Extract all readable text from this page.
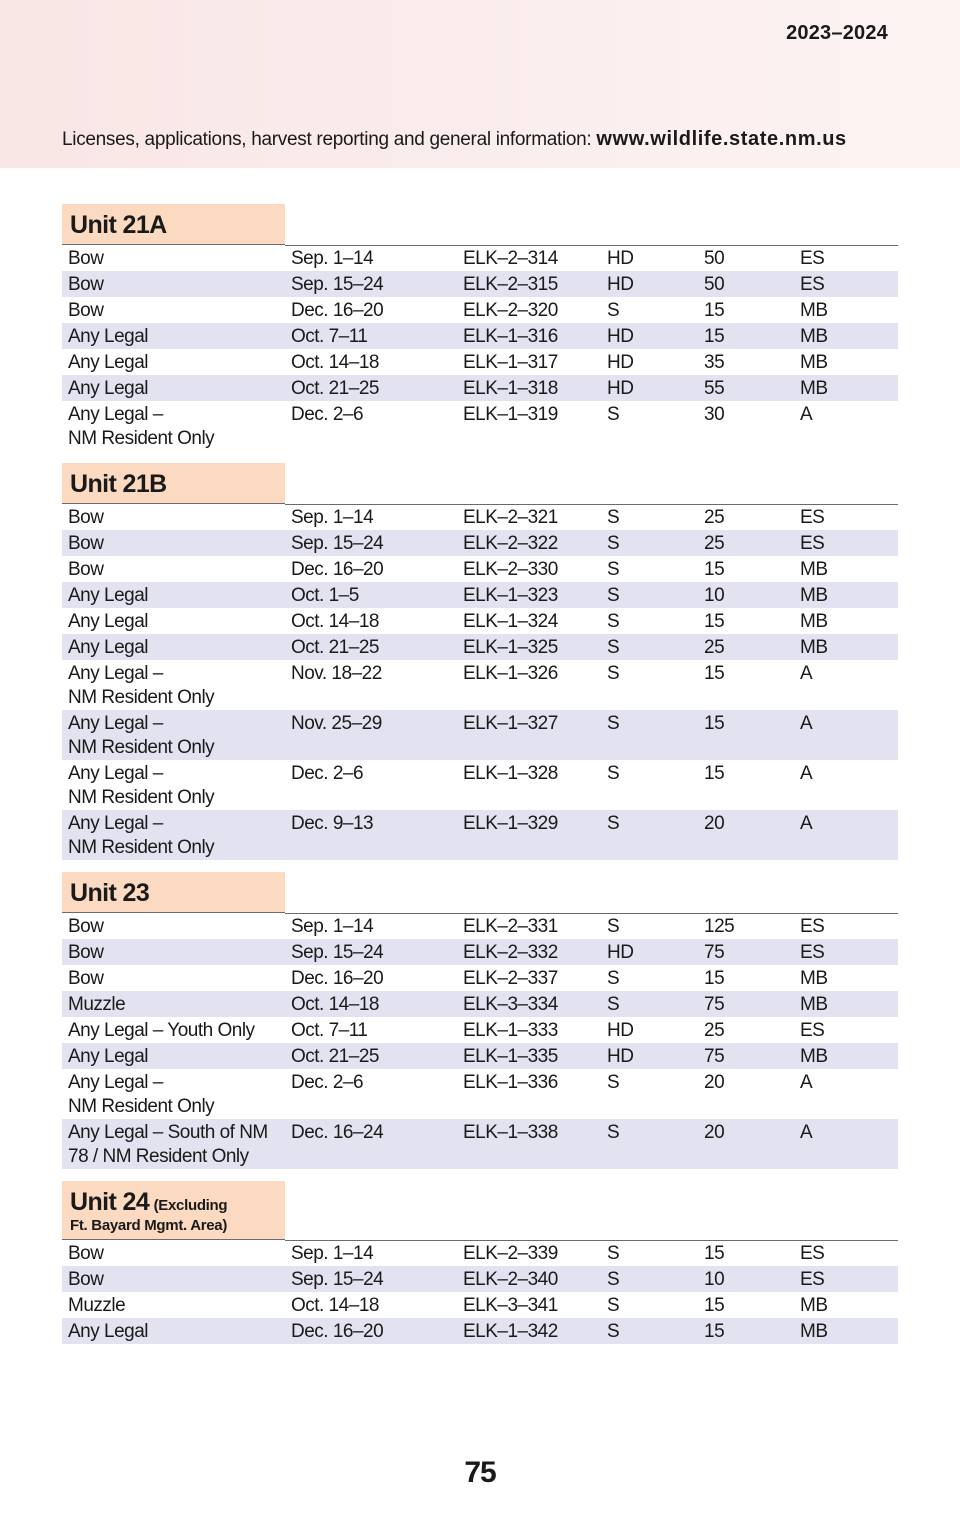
2023–2024
Licenses, applications, harvest reporting and general information: www.wildlife.state.nm.us
Unit 21A
Bow	Sep. 1–14	ELK–2–314	HD	50	ES
Bow	Sep. 15–24	ELK–2–315	HD	50	ES
Bow	Dec. 16–20	ELK–2–320	S	15	MB
Any Legal	Oct. 7–11	ELK–1–316	HD	15	MB
Any Legal	Oct. 14–18	ELK–1–317	HD	35	MB
Any Legal	Oct. 21–25	ELK–1–318	HD	55	MB

Any Legal –
NM Resident Only	Dec. 2–6	ELK–1–319	S	30	A
Unit 21B
Bow	Sep. 1–14	ELK–2–321	S	25	ES
Bow	Sep. 15–24	ELK–2–322	S	25	ES
Bow	Dec. 16–20	ELK–2–330	S	15	MB
Any Legal	Oct. 1–5	ELK–1–323	S	10	MB
Any Legal	Oct. 14–18	ELK–1–324	S	15	MB
Any Legal	Oct. 21–25	ELK–1–325	S	25	MB

Any Legal –
NM Resident Only	Nov. 18–22	ELK–1–326	S	15	A

Any Legal –
NM Resident Only	Nov. 25–29	ELK–1–327	S	15	A

Any Legal –
NM Resident Only	Dec. 2–6	ELK–1–328	S	15	A

Any Legal –
NM Resident Only	Dec. 9–13	ELK–1–329	S	20	A
Unit 23
Bow	Sep. 1–14	ELK–2–331	S	125	ES
Bow	Sep. 15–24	ELK–2–332	HD	75	ES
Bow	Dec. 16–20	ELK–2–337	S	15	MB
Muzzle	Oct. 14–18	ELK–3–334	S	75	MB
Any Legal – Youth Only	Oct. 7–11	ELK–1–333	HD	25	ES
Any Legal	Oct. 21–25	ELK–1–335	HD	75	MB

Any Legal –
NM Resident Only	Dec. 2–6	ELK–1–336	S	20	A

Any Legal – South of NM
78 / NM Resident Only	Dec. 16–24	ELK–1–338	S	20	A
Unit 24 (Excluding
Ft. Bayard Mgmt. Area)
Bow	Sep. 1–14	ELK–2–339	S	15	ES
Bow	Sep. 15–24	ELK–2–340	S	10	ES
Muzzle	Oct. 14–18	ELK–3–341	S	15	MB
Any Legal	Dec. 16–20	ELK–1–342	S	15	MB
75
